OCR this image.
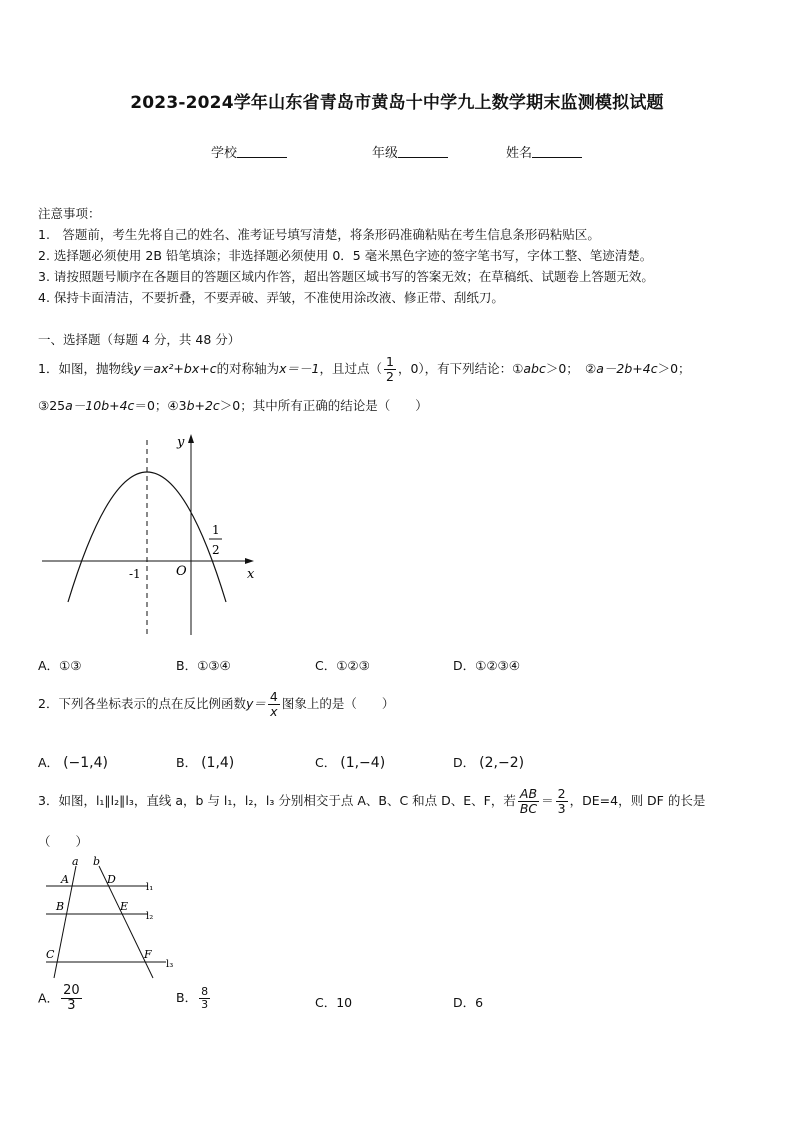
2023-2024学年山东省青岛市黄岛十中学九上数学期末监测模拟试题
学校	年级	姓名
注意事项：
1.　答题前，考生先将自己的姓名、准考证号填写清楚，将条形码准确粘贴在考生信息条形码粘贴区。
2. 选择题必须使用 2B 铅笔填涂；非选择题必须使用 0．5 毫米黑色字迹的签字笔书写，字体工整、笔迹清楚。
3. 请按照题号顺序在各题目的答题区域内作答，超出答题区域书写的答案无效；在草稿纸、试题卷上答题无效。
4. 保持卡面清洁，不要折叠，不要弄破、弄皱，不准使用涂改液、修正带、刮纸刀。
一、选择题（每题 4 分，共 48 分）
1．如图，抛物线y＝ax²+bx+c的对称轴为x＝－1，且过点（ $\frac{1}{2}$ ，0），有下列结论：①abc＞0；　②a－2b+4c＞0；
③25a－10b+4c＝0；④3b+2c＞0；其中所有正确的结论是（　　）
y
x
O
-1
1
2
A．①③	B．①③④	C．①②③	D．①②③④
2．下列各坐标表示的点在反比例函数$y= \frac{4}{x}$ 图象上的是（　　）
A． (−1,4)	B． (1,4)	C． (1,−4)	D． (2,−2)
3．如图，l₁∥l₂∥l₃，直线 a，b 与 l₁，l₂，l₃ 分别相交于点 A、B、C 和点 D、E、F，若 $\frac{AB}{BC} = \frac{2}{3}$ ，DE=4，则 DF 的长是
（　　）
a b
A	D
B	E
C	F
l₁
l₂
l₃
A． $\frac{20}{3}$	B． $\frac{8}{3}$	C．10	D．6
